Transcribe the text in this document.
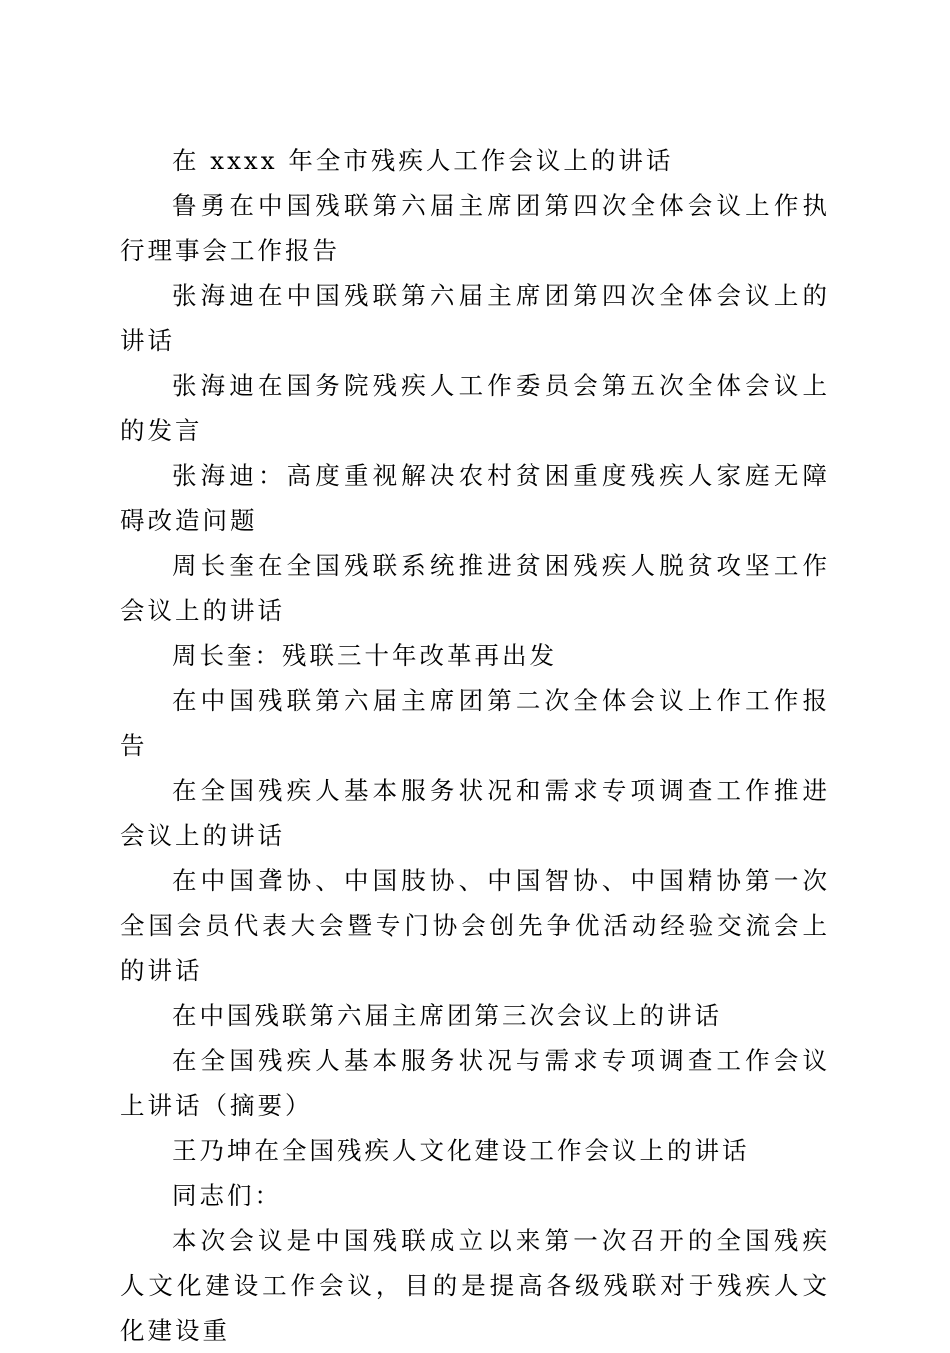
在 xxxx 年全市残疾人工作会议上的讲话

鲁勇在中国残联第六届主席团第四次全体会议上作执行理事会工作报告

张海迪在中国残联第六届主席团第四次全体会议上的讲话

张海迪在国务院残疾人工作委员会第五次全体会议上的发言

张海迪：高度重视解决农村贫困重度残疾人家庭无障碍改造问题

周长奎在全国残联系统推进贫困残疾人脱贫攻坚工作会议上的讲话

周长奎：残联三十年改革再出发

在中国残联第六届主席团第二次全体会议上作工作报告

在全国残疾人基本服务状况和需求专项调查工作推进会议上的讲话

在中国聋协、中国肢协、中国智协、中国精协第一次全国会员代表大会暨专门协会创先争优活动经验交流会上的讲话

在中国残联第六届主席团第三次会议上的讲话

在全国残疾人基本服务状况与需求专项调查工作会议上讲话（摘要）

王乃坤在全国残疾人文化建设工作会议上的讲话

同志们：

本次会议是中国残联成立以来第一次召开的全国残疾人文化建设工作会议，目的是提高各级残联对于残疾人文化建设重
